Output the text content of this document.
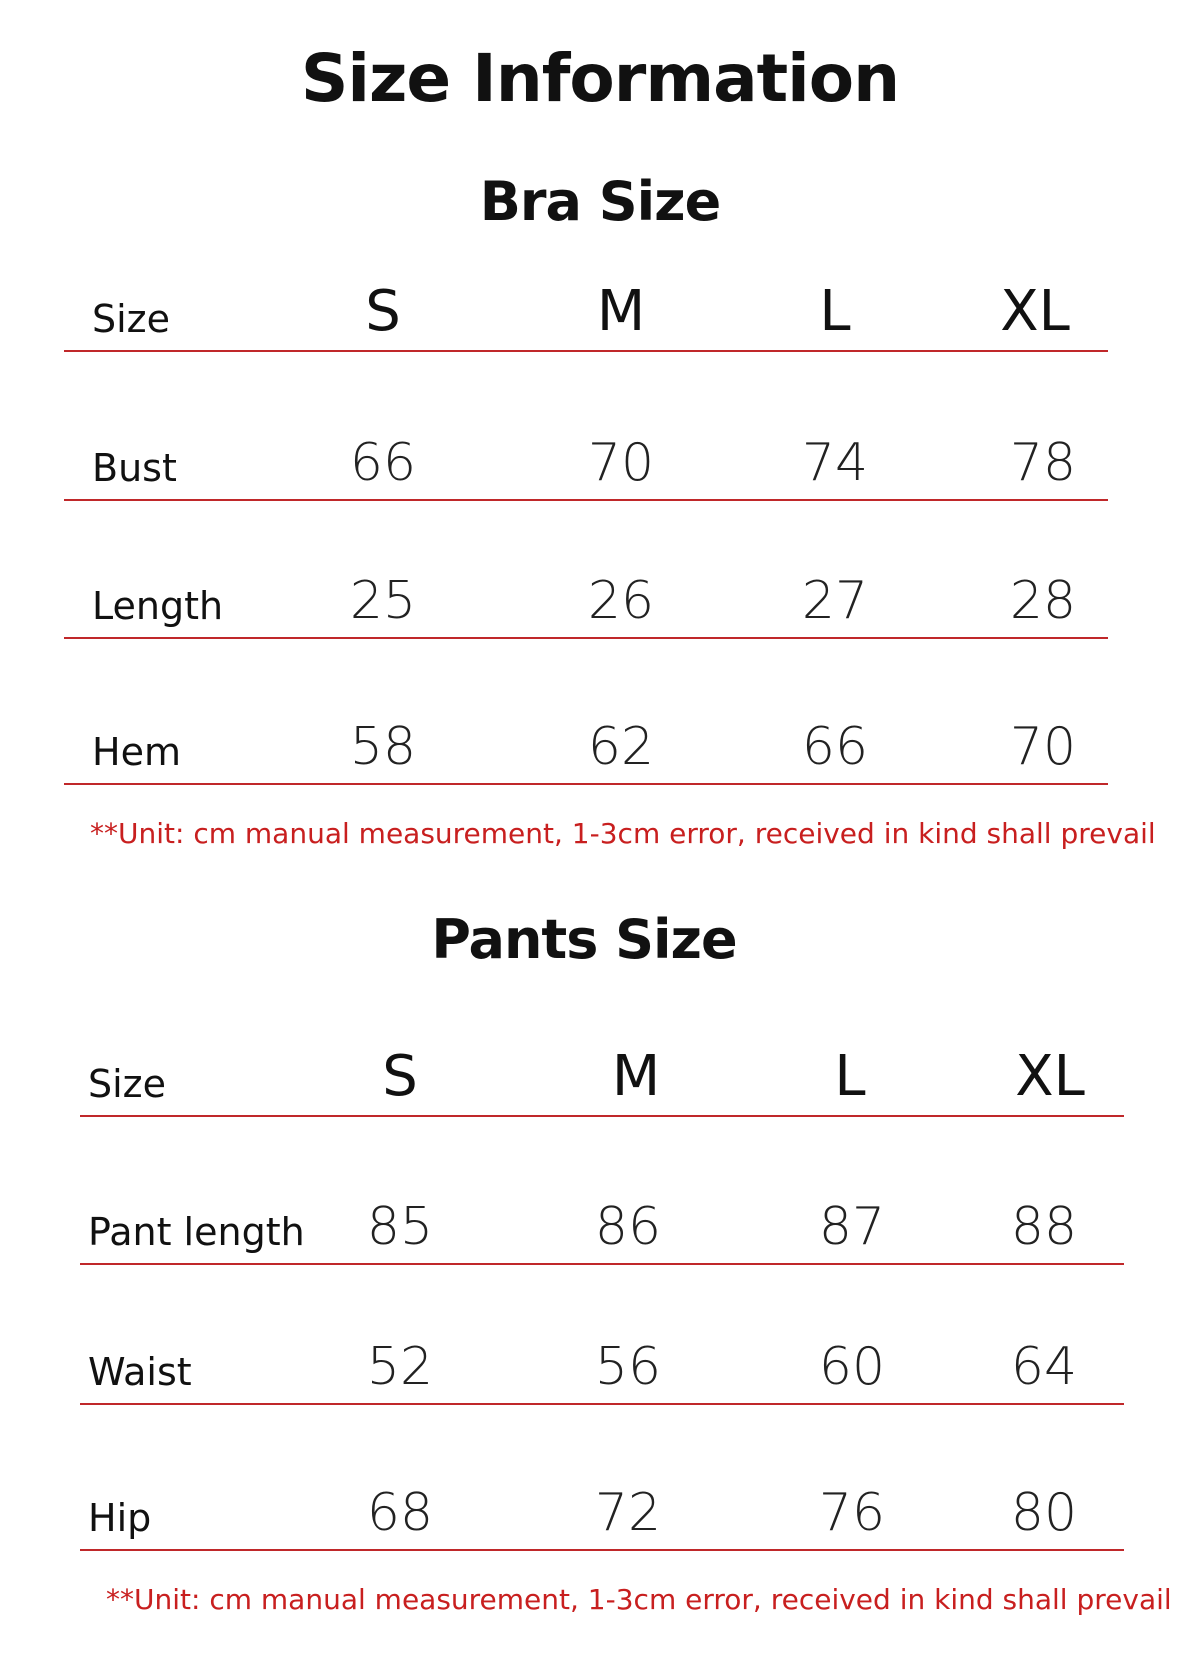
Size Information
Bra Size
Size	S	M	L	XL
Bust	66	70	74	78
Length	25	26	27	28
Hem	58	62	66	70
**Unit: cm manual measurement, 1-3cm error, received in kind shall prevail
Pants Size
Size	S	M	L	XL
Pant length	85	86	87	88
Waist	52	56	60	64
Hip	68	72	76	80
**Unit: cm manual measurement, 1-3cm error, received in kind shall prevail
